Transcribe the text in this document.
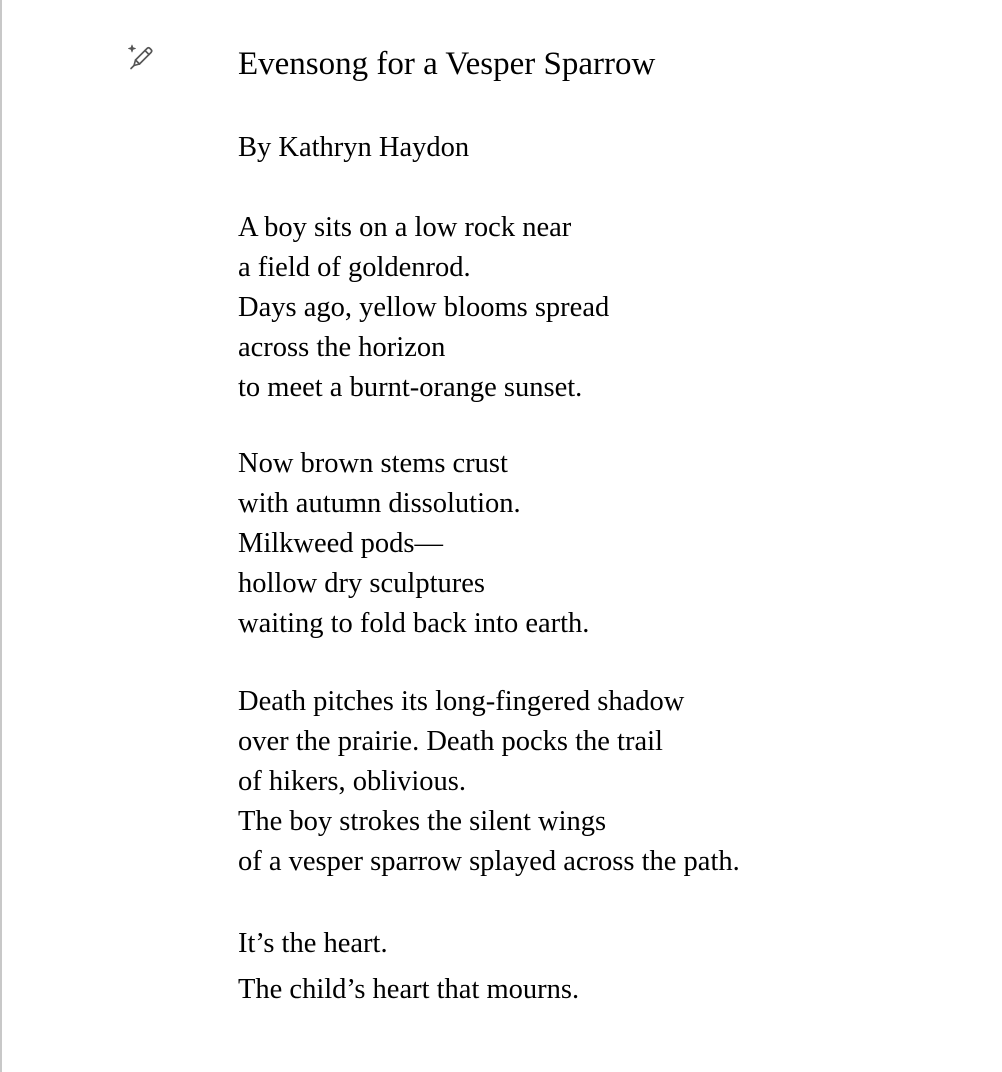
Evensong for a Vesper Sparrow

By Kathryn Haydon

A boy sits on a low rock near
a field of goldenrod.
Days ago, yellow blooms spread
across the horizon
to meet a burnt-orange sunset.

Now brown stems crust
with autumn dissolution.
Milkweed pods—
hollow dry sculptures
waiting to fold back into earth.

Death pitches its long-fingered shadow
over the prairie. Death pocks the trail
of hikers, oblivious.
The boy strokes the silent wings
of a vesper sparrow splayed across the path.

It’s the heart.
The child’s heart that mourns.
